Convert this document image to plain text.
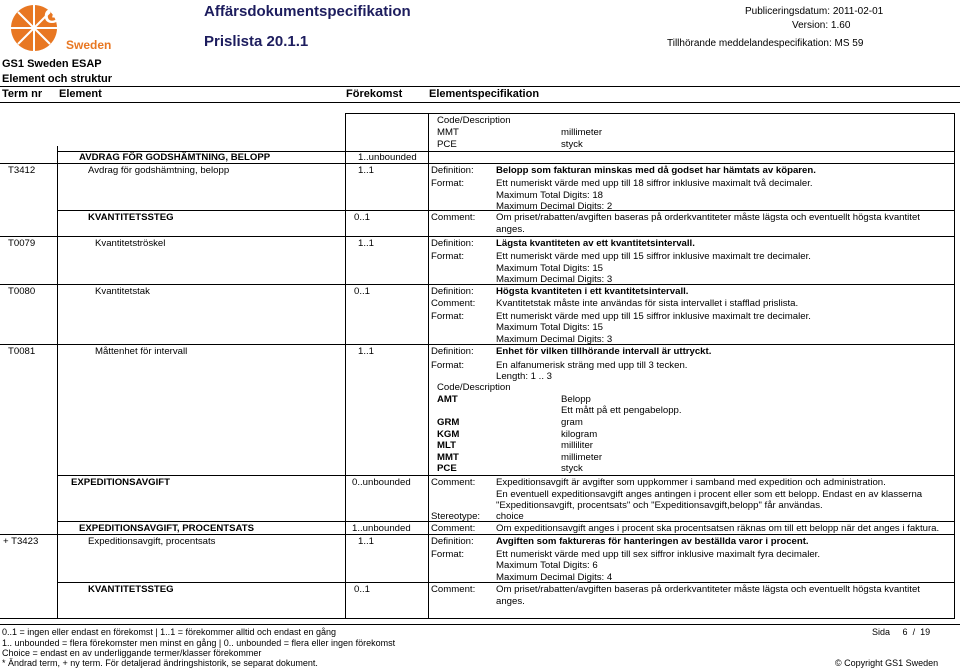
GS1
Sweden
Affärsdokumentspecifikation
Prislista 20.1.1
Publiceringsdatum: 2011-02-01
Version: 1.60
Tillhörande meddelandespecifikation: MS 59
GS1 Sweden ESAP
Element och struktur
Term nr Element	Förekomst Elementspecifikation
Code/Description
MMT	millimeter
PCE	styck
AVDRAG FÖR GODSHÄMTNING, BELOPP	1..unbounded
T3412	Avdrag för godshämtning, belopp	1..1	Definition: Belopp som fakturan minskas med då godset har hämtats av köparen.
Format:	Ett numeriskt värde med upp till 18 siffror inklusive maximalt två decimaler.
Maximum Total Digits: 18
Maximum Decimal Digits: 2
KVANTITETSSTEG	0..1	Comment: Om priset/rabatten/avgiften baseras på orderkvantiteter måste lägsta och eventuellt högsta kvantitet
anges.
T0079	Kvantitetströskel	1..1	Definition: Lägsta kvantiteten av ett kvantitetsintervall.
Format:	Ett numeriskt värde med upp till 15 siffror inklusive maximalt tre decimaler.
Maximum Total Digits: 15
Maximum Decimal Digits: 3
T0080	Kvantitetstak	0..1	Definition: Högsta kvantiteten i ett kvantitetsintervall.
Comment: Kvantitetstak måste inte användas för sista intervallet i stafflad prislista.
Format:	Ett numeriskt värde med upp till 15 siffror inklusive maximalt tre decimaler.
Maximum Total Digits: 15
Maximum Decimal Digits: 3
T0081	Måttenhet för intervall	1..1	Definition: Enhet för vilken tillhörande intervall är uttryckt.
Format:	En alfanumerisk sträng med upp till 3 tecken.
Length: 1 .. 3
Code/Description
AMT	Belopp
Ett mått på ett pengabelopp.
GRM	gram
KGM	kilogram
MLT	milliliter
MMT	millimeter
PCE	styck
EXPEDITIONSAVGIFT	0..unbounded Comment: Expeditionsavgift är avgifter som uppkommer i samband med expedition och administration.
En eventuell expeditionsavgift anges antingen i procent eller som ett belopp. Endast en av klasserna
"Expeditionsavgift, procentsats" och "Expeditionsavgift,belopp" får användas.
Stereotype: choice
EXPEDITIONSAVGIFT, PROCENTSATS	1..unbounded Comment: Om expeditionsavgift anges i procent ska procentsatsen räknas om till ett belopp när det anges i faktura.
+ T3423	Expeditionsavgift, procentsats	1..1	Definition: Avgiften som faktureras för hanteringen av beställda varor i procent.
Format:	Ett numeriskt värde med upp till sex siffror inklusive maximalt fyra decimaler.
Maximum Total Digits: 6
Maximum Decimal Digits: 4
KVANTITETSSTEG	0..1	Comment: Om priset/rabatten/avgiften baseras på orderkvantiteter måste lägsta och eventuellt högsta kvantitet
anges.
0..1 = ingen eller endast en förekomst | 1..1 = förekommer alltid och endast en gång
1.. unbounded = flera förekomster men minst en gång | 0.. unbounded = flera eller ingen förekomst
Choice = endast en av underliggande termer/klasser förekommer
* Ändrad term, + ny term. För detaljerad ändringshistorik, se separat dokument.
Sida 6 / 19
© Copyright GS1 Sweden
